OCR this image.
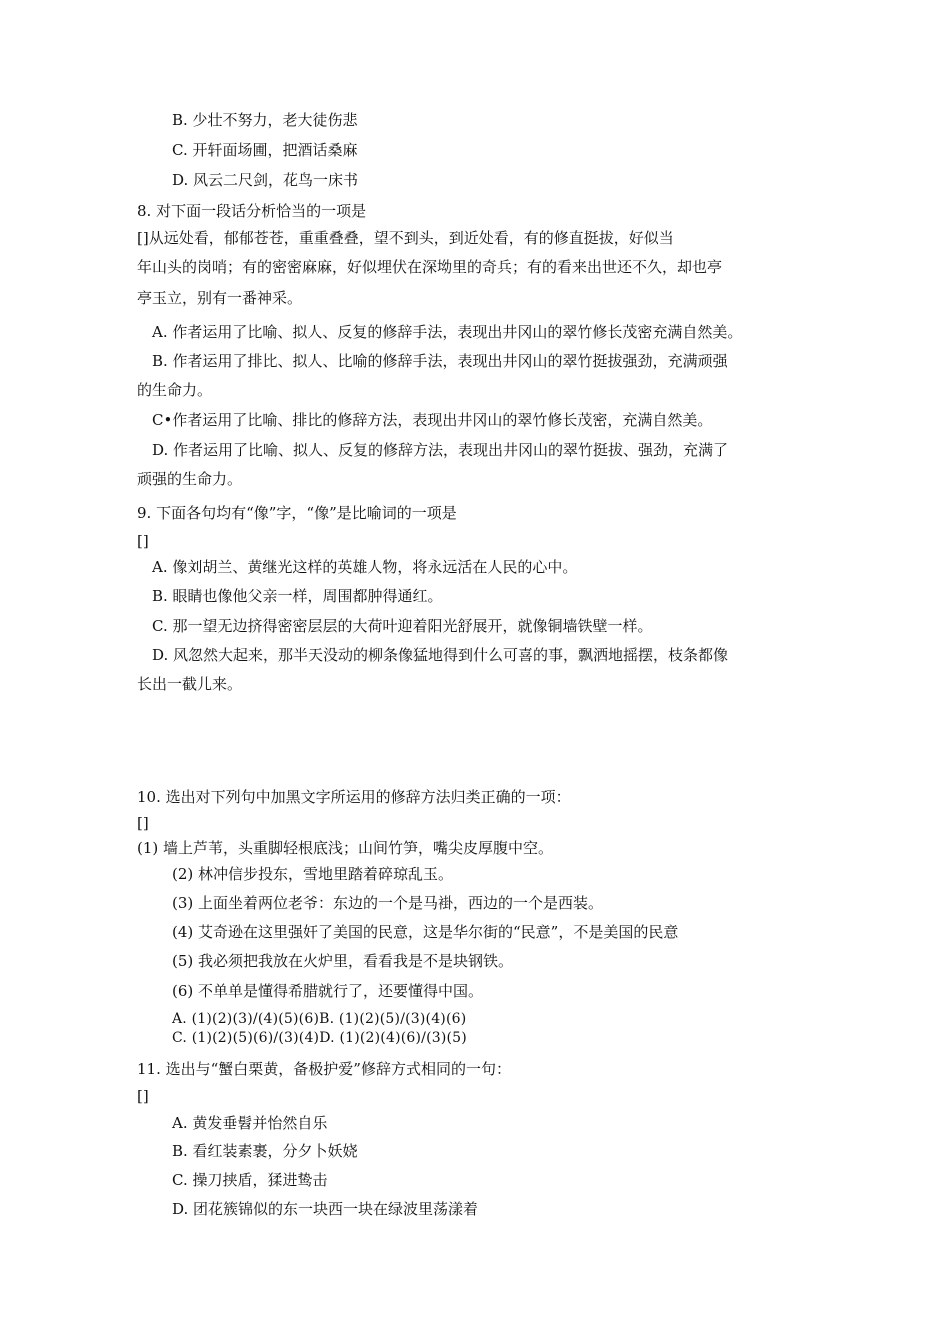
B. 少壮不努力，老大徒伤悲
C. 开轩面场圃，把酒话桑麻
D. 风云二尺剑，花鸟一床书
8. 对下面一段话分析恰当的一项是
[]从远处看，郁郁苍苍，重重叠叠，望不到头，到近处看，有的修直挺拔，好似当
年山头的岗哨；有的密密麻麻，好似埋伏在深坳里的奇兵；有的看来出世还不久，却也亭
亭玉立，别有一番神采。
A. 作者运用了比喻、拟人、反复的修辞手法，表现出井冈山的翠竹修长茂密充满自然美。
B. 作者运用了排比、拟人、比喻的修辞手法，表现出井冈山的翠竹挺拔强劲，充满顽强
的生命力。
C•作者运用了比喻、排比的修辞方法，表现出井冈山的翠竹修长茂密，充满自然美。
D. 作者运用了比喻、拟人、反复的修辞方法，表现出井冈山的翠竹挺拔、强劲，充满了
顽强的生命力。
9. 下面各句均有“像”字，“像”是比喻词的一项是
[]
A. 像刘胡兰、黄继光这样的英雄人物，将永远活在人民的心中。
B. 眼睛也像他父亲一样，周围都肿得通红。
C. 那一望无边挤得密密层层的大荷叶迎着阳光舒展开，就像铜墙铁壁一样。
D. 风忽然大起来，那半天没动的柳条像猛地得到什么可喜的事，飘洒地摇摆，枝条都像
长出一截儿来。
10. 选出对下列句中加黑文字所运用的修辞方法归类正确的一项：
[]
(1) 墙上芦苇，头重脚轻根底浅；山间竹笋，嘴尖皮厚腹中空。
(2) 林冲信步投东，雪地里踏着碎琼乱玉。
(3) 上面坐着两位老爷：东边的一个是马褂，西边的一个是西装。
(4) 艾奇逊在这里强奸了美国的民意，这是华尔街的“民意”，不是美国的民意
(5) 我必须把我放在火炉里，看看我是不是块钢铁。
(6) 不单单是懂得希腊就行了，还要懂得中国。
A. (1)(2)(3)/(4)(5)(6)B. (1)(2)(5)/(3)(4)(6)
C. (1)(2)(5)(6)/(3)(4)D. (1)(2)(4)(6)/(3)(5)
11. 选出与“蟹白栗黄，备极护爱”修辞方式相同的一句：
[]
A. 黄发垂髫并怡然自乐
B. 看红装素裹，分夕卜妖娆
C. 操刀挟盾，猱进鸷击
D. 团花簇锦似的东一块西一块在绿波里荡漾着
